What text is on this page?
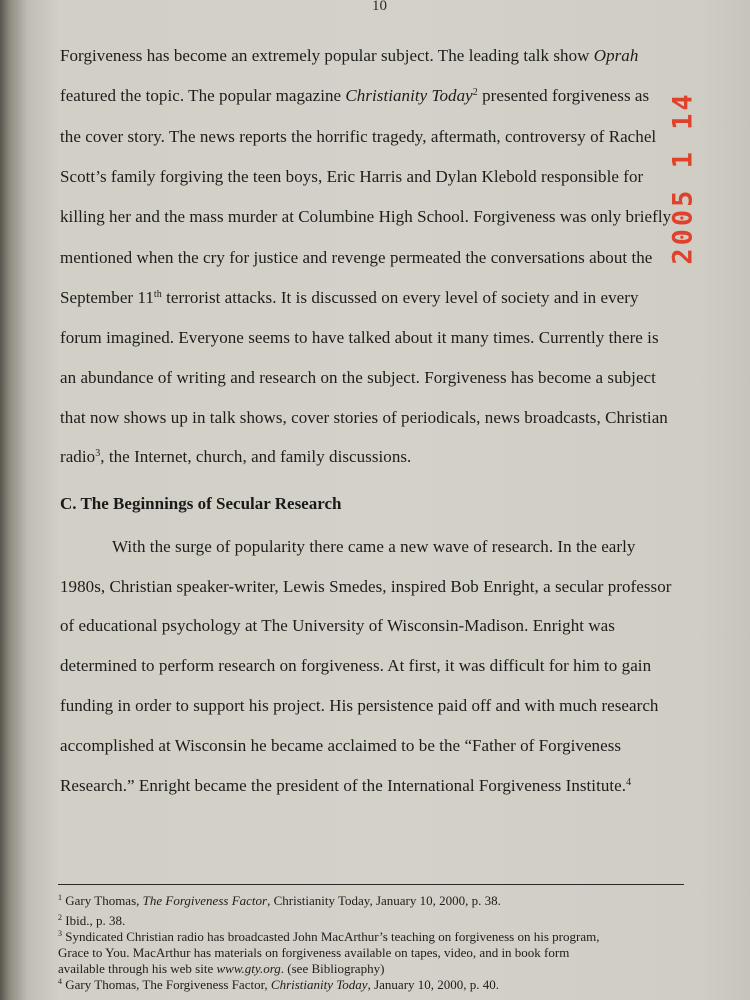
10
Forgiveness has become an extremely popular subject. The leading talk show Oprah
featured the topic. The popular magazine Christianity Today$^2$ presented forgiveness as
the cover story. The news reports the horrific tragedy, aftermath, controversy of Rachel
Scott’s family forgiving the teen boys, Eric Harris and Dylan Klebold responsible for
killing her and the mass murder at Columbine High School. Forgiveness was only briefly
mentioned when the cry for justice and revenge permeated the conversations about the
September 11th terrorist attacks. It is discussed on every level of society and in every
forum imagined. Everyone seems to have talked about it many times. Currently there is
an abundance of writing and research on the subject. Forgiveness has become a subject
that now shows up in talk shows, cover stories of periodicals, news broadcasts, Christian
radio$^3$, the Internet, church, and family discussions.
C. The Beginnings of Secular Research
With the surge of popularity there came a new wave of research. In the early
1980s, Christian speaker-writer, Lewis Smedes, inspired Bob Enright, a secular professor
of educational psychology at The University of Wisconsin-Madison. Enright was
determined to perform research on forgiveness. At first, it was difficult for him to gain
funding in order to support his project. His persistence paid off and with much research
accomplished at Wisconsin he became acclaimed to be the “Father of Forgiveness
Research.” Enright became the president of the International Forgiveness Institute.$^4$
$^1$ Gary Thomas, The Forgiveness Factor, Christianity Today, January 10, 2000, p. 38.
$^2$ Ibid., p. 38.
$^3$ Syndicated Christian radio has broadcasted John MacArthur’s teaching on forgiveness on his program,
Grace to You. MacArthur has materials on forgiveness available on tapes, video, and in book form
available through his web site www.gty.org. (see Bibliography)
$^4$ Gary Thomas, The Forgiveness Factor, Christianity Today, January 10, 2000, p. 40.
2005 1 14
